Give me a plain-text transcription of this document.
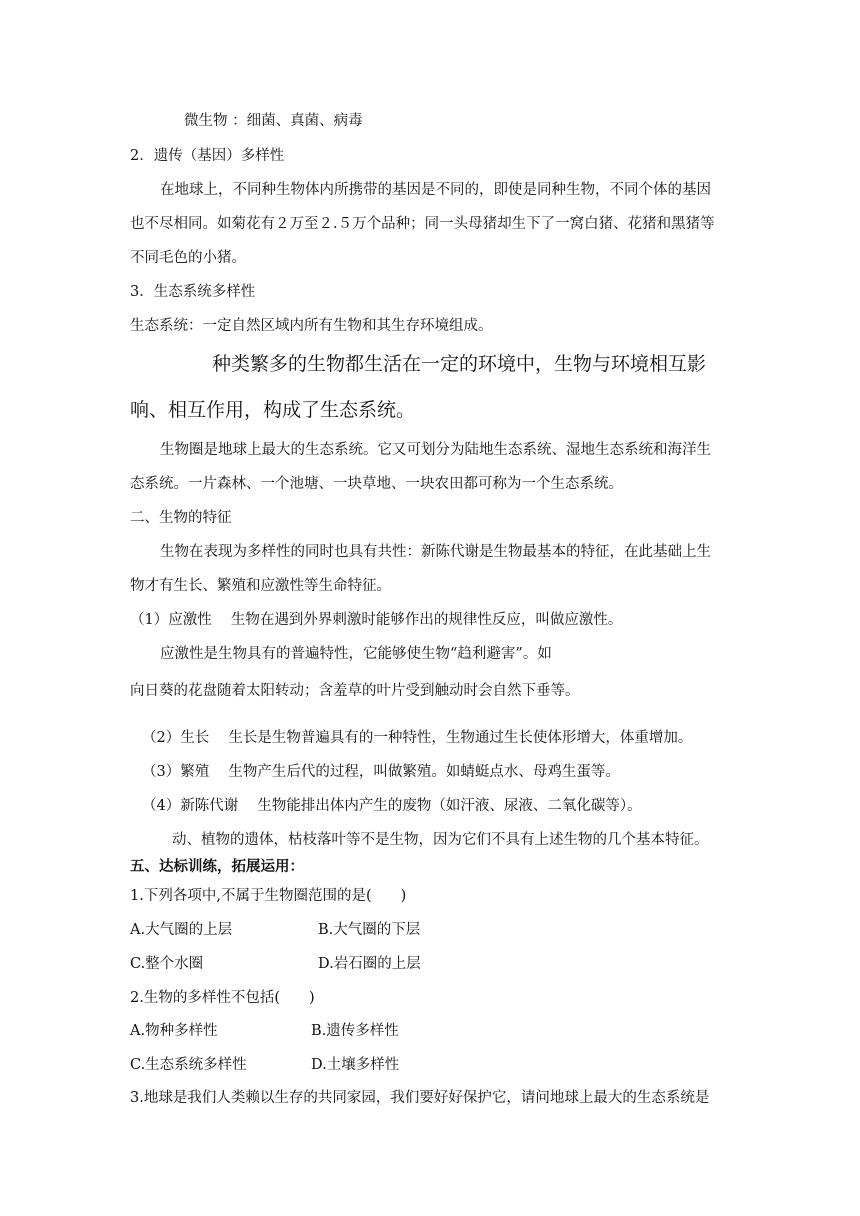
微生物 ：细菌、真菌、病毒
2．遗传（基因）多样性
在地球上，不同种生物体内所携带的基因是不同的，即使是同种生物，不同个体的基因
也不尽相同。如菊花有２万至２.５万个品种；同一头母猪却生下了一窝白猪、花猪和黑猪等
不同毛色的小猪。
3．生态系统多样性
生态系统：一定自然区域内所有生物和其生存环境组成。
种类繁多的生物都生活在一定的环境中，生物与环境相互影
响、相互作用，构成了生态系统。
生物圈是地球上最大的生态系统。它又可划分为陆地生态系统、湿地生态系统和海洋生
态系统。一片森林、一个池塘、一块草地、一块农田都可称为一个生态系统。
二、生物的特征
生物在表现为多样性的同时也具有共性：新陈代谢是生物最基本的特征，在此基础上生
物才有生长、繁殖和应激性等生命特征。
（1）应激性　 生物在遇到外界刺激时能够作出的规律性反应，叫做应激性。
应激性是生物具有的普遍特性，它能够使生物“趋利避害”。如
向日葵的花盘随着太阳转动；含羞草的叶片受到触动时会自然下垂等。
（2）生长　 生长是生物普遍具有的一种特性，生物通过生长使体形增大，体重增加。
（3）繁殖　 生物产生后代的过程，叫做繁殖。如蜻蜓点水、母鸡生蛋等。
（4）新陈代谢　 生物能排出体内产生的废物（如汗液、尿液、二氧化碳等）。
动、植物的遗体，枯枝落叶等不是生物，因为它们不具有上述生物的几个基本特征。
五、达标训练，拓展运用：
1.下列各项中,不属于生物圈范围的是(　　)
A.大气圈的上层	B.大气圈的下层
C.整个水圈	D.岩石圈的上层
2.生物的多样性不包括(　　)
A.物种多样性	B.遗传多样性
C.生态系统多样性	D.土壤多样性
3.地球是我们人类赖以生存的共同家园，我们要好好保护它，请问地球上最大的生态系统是
